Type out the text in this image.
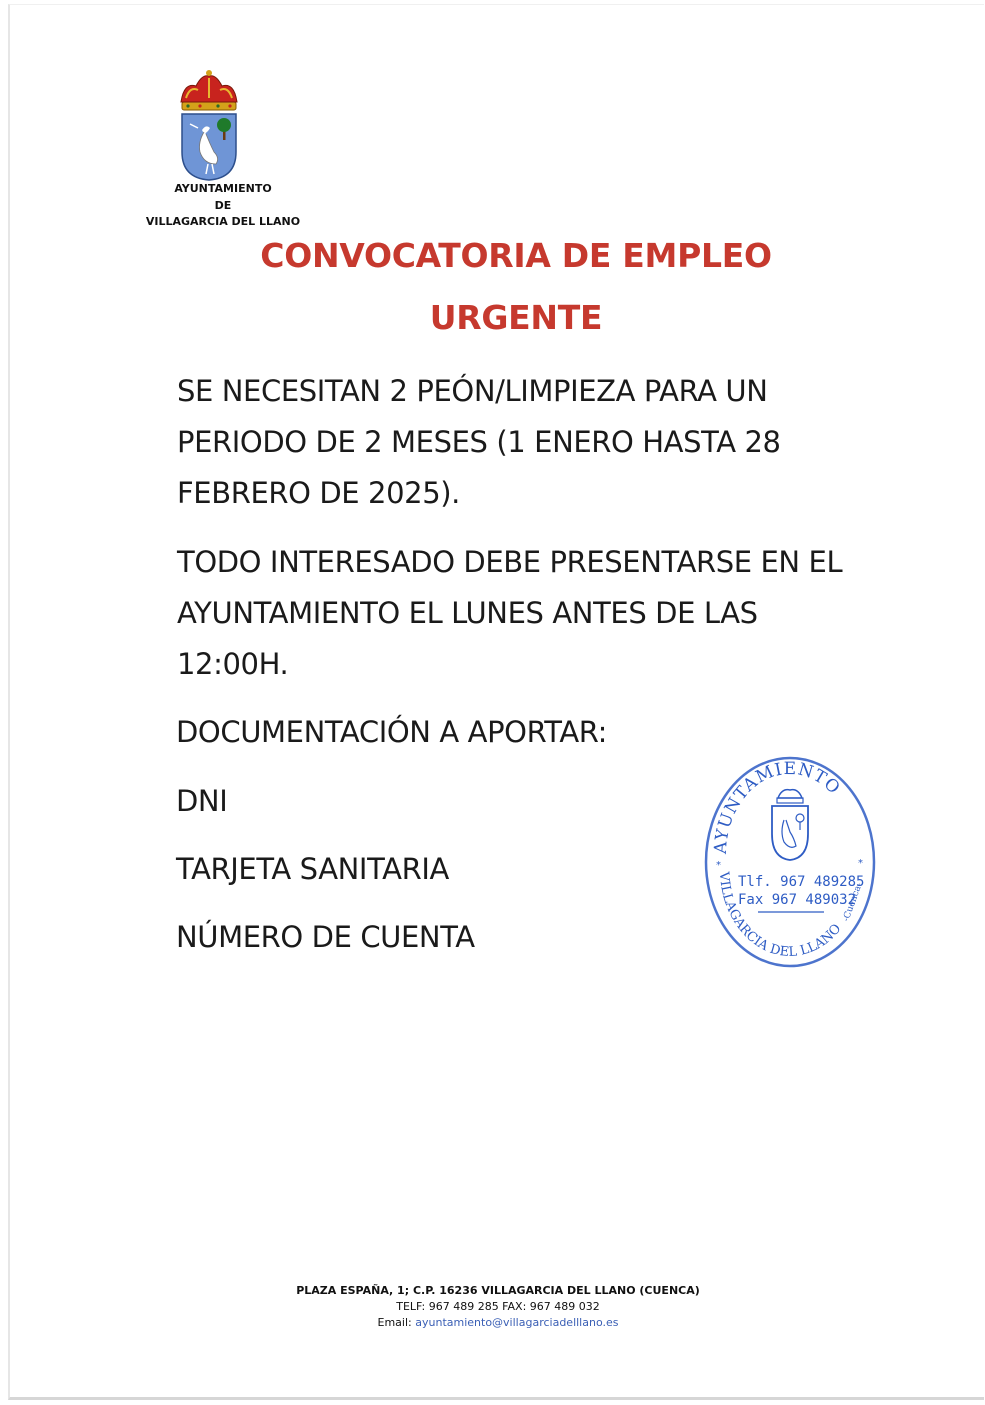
AYUNTAMIENTO
DE
VILLAGARCIA DEL LLANO
CONVOCATORIA DE EMPLEO
URGENTE
SE NECESITAN 2 PEÓN/LIMPIEZA PARA UN PERIODO DE 2 MESES (1 ENERO HASTA 28 FEBRERO DE 2025).
TODO INTERESADO DEBE PRESENTARSE EN EL AYUNTAMIENTO EL LUNES ANTES DE LAS 12:00H.
DOCUMENTACIÓN A APORTAR:
DNI
TARJETA SANITARIA
NÚMERO DE CUENTA
AYUNTAMIENTO
VILLAGARCIA DEL LLANO
-Cuenca-
*	*
Tlf. 967 489285
Fax 967 489032
PLAZA ESPAÑA, 1; C.P. 16236 VILLAGARCIA DEL LLANO (CUENCA)
TELF: 967 489 285 FAX: 967 489 032
Email: ayuntamiento@villagarciadelllano.es
